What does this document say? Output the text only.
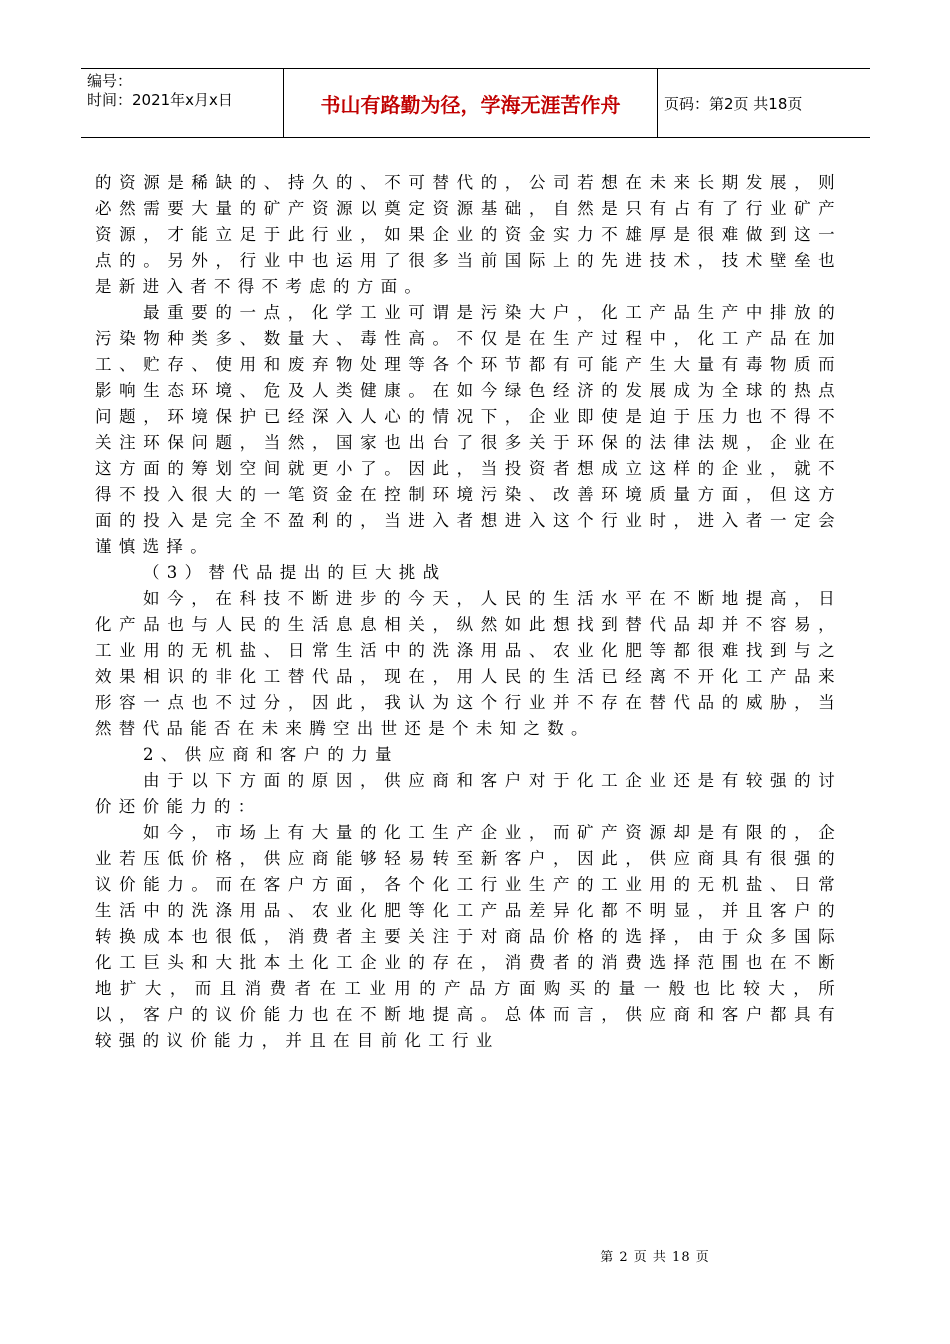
编号：
时间：2021年x月x日	书山有路勤为径，学海无涯苦作舟	页码：第2页 共18页

的资源是稀缺的、持久的、不可替代的，公司若想在未来长期发展，则必然需要大量的矿产资源以奠定资源基础，自然是只有占有了行业矿产资源，才能立足于此行业，如果企业的资金实力不雄厚是很难做到这一点的。另外，行业中也运用了很多当前国际上的先进技术，技术壁垒也是新进入者不得不考虑的方面。

最重要的一点，化学工业可谓是污染大户，化工产品生产中排放的污染物种类多、数量大、毒性高。不仅是在生产过程中，化工产品在加工、贮存、使用和废弃物处理等各个环节都有可能产生大量有毒物质而影响生态环境、危及人类健康。在如今绿色经济的发展成为全球的热点问题，环境保护已经深入人心的情况下，企业即使是迫于压力也不得不关注环保问题，当然，国家也出台了很多关于环保的法律法规，企业在这方面的筹划空间就更小了。因此，当投资者想成立这样的企业，就不得不投入很大的一笔资金在控制环境污染、改善环境质量方面，但这方面的投入是完全不盈利的，当进入者想进入这个行业时，进入者一定会谨慎选择。

（3）替代品提出的巨大挑战

如今，在科技不断进步的今天，人民的生活水平在不断地提高，日化产品也与人民的生活息息相关，纵然如此想找到替代品却并不容易，工业用的无机盐、日常生活中的洗涤用品、农业化肥等都很难找到与之效果相识的非化工替代品，现在，用人民的生活已经离不开化工产品来形容一点也不过分，因此，我认为这个行业并不存在替代品的威胁，当然替代品能否在未来腾空出世还是个未知之数。

2、供应商和客户的力量

由于以下方面的原因，供应商和客户对于化工企业还是有较强的讨价还价能力的：

如今，市场上有大量的化工生产企业，而矿产资源却是有限的，企业若压低价格，供应商能够轻易转至新客户，因此，供应商具有很强的议价能力。而在客户方面，各个化工行业生产的工业用的无机盐、日常生活中的洗涤用品、农业化肥等化工产品差异化都不明显，并且客户的转换成本也很低，消费者主要关注于对商品价格的选择，由于众多国际化工巨头和大批本土化工企业的存在，消费者的消费选择范围也在不断地扩大，而且消费者在工业用的产品方面购买的量一般也比较大，所以，客户的议价能力也在不断地提高。总体而言，供应商和客户都具有较强的议价能力，并且在目前化工行业

第 2 页 共 18 页
